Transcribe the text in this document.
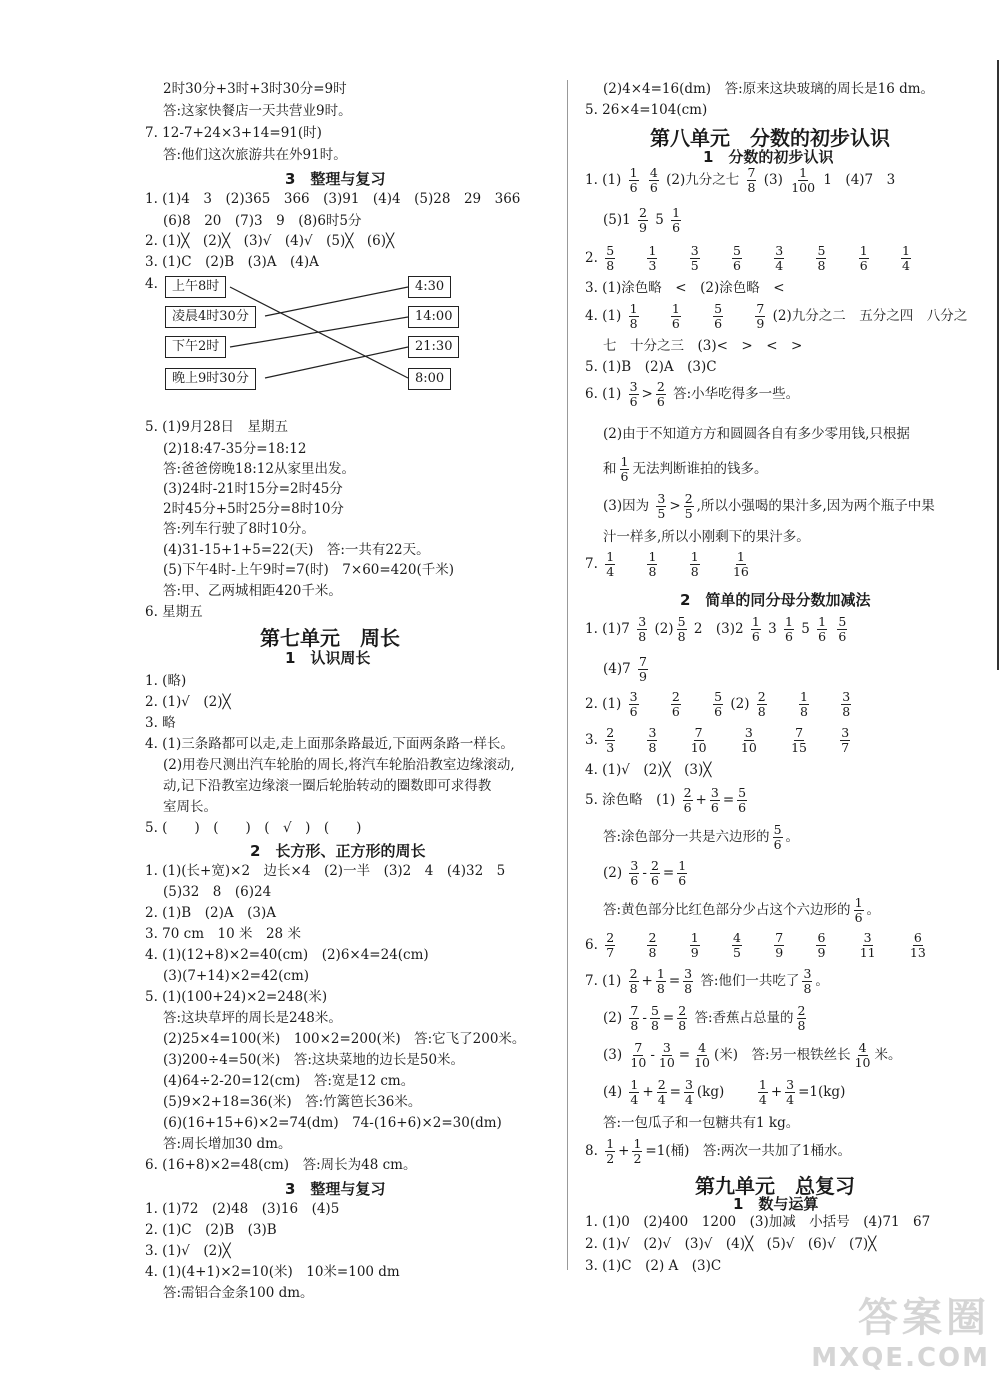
2时30分+3时+3时30分=9时
答:这家快餐店一天共营业9时。
7. 12-7+24×3+14=91(时)
答:他们这次旅游共在外91时。
3　整理与复习
1. (1)4　3　(2)365　366　(3)91　(4)4　(5)28　29　366
(6)8　20　(7)3　9　(8)6时5分
2. (1)╳　(2)╳　(3)√　(4)√　(5)╳　(6)╳
3. (1)C　(2)B　(3)A　(4)A
4.	上午8时
凌晨4时30分
下午2时
晚上9时30分
4:30
14:00
21:30
8:00
5. (1)9月28日　星期五
(2)18:47-35分=18:12
答:爸爸傍晚18:12从家里出发。
(3)24时-21时15分=2时45分
2时45分+5时25分=8时10分
答:列车行驶了8时10分。
(4)31-15+1+5=22(天)　答:一共有22天。
(5)下午4时-上午9时=7(时)　7×60=420(千米)
答:甲、乙两城相距420千米。
6. 星期五
第七单元　周长
1　认识周长
1. (略)
2. (1)√　(2)╳
3. 略
4. (1)三条路都可以走,走上面那条路最近,下面两条路一样长。
(2)用卷尺测出汽车轮胎的周长,将汽车轮胎沿教室边缘滚动,
动,记下沿教室边缘滚一圈后轮胎转动的圈数即可求得教
室周长。
5. (　　)　(　　)　(　√　)　(　　)
2　长方形、正方形的周长
1. (1)(长+宽)×2　边长×4　(2)一半　(3)2　4　(4)32　5
(5)32　8　(6)24
2. (1)B　(2)A　(3)A
3. 70 cm　10 米　28 米
4. (1)(12+8)×2=40(cm)　(2)6×4=24(cm)
(3)(7+14)×2=42(cm)
5. (1)(100+24)×2=248(米)
答:这块草坪的周长是248米。
(2)25×4=100(米)　100×2=200(米)　答:它飞了200米。
(3)200÷4=50(米)　答:这块菜地的边长是50米。
(4)64÷2-20=12(cm)　答:宽是12 cm。
(5)9×2+18=36(米)　答:竹篱笆长36米。
(6)(16+15+6)×2=74(dm)　74-(16+6)×2=30(dm)
答:周长增加30 dm。
6. (16+8)×2=48(cm)　答:周长为48 cm。
3　整理与复习
1. (1)72　(2)48　(3)16　(4)5
2. (1)C　(2)B　(3)B
3. (1)√　(2)╳
4. (1)(4+1)×2=10(米)　10米=100 dm
答:需铝合金条100 dm。
(2)4×4=16(dm)　答:原来这块玻璃的周长是16 dm。
5. 26×4=104(cm)
第八单元　分数的初步认识
1　分数的初步认识
1. $(1) \frac{1}{6}$
$\frac{4}{6} (2)$九分之七 $\frac{7}{8} (3) \frac{1}{100} 1$　(4)7　3
$(5)1 \frac{2}{9} 5 \frac{1}{6}$
2. $\frac{5}{8}$
	$\frac{1}{3}$
	$\frac{3}{5}$
	$\frac{5}{6}$
	$\frac{3}{4}$
	$\frac{5}{8}$
	$\frac{1}{6}$
	$\frac{1}{4}$
3. (1)涂色略　<　(2)涂色略　<
4. $(1) \frac{1}{8}$
	$\frac{1}{6}$
	$\frac{5}{6}$
	$\frac{7}{9} (2)$九分之二　五分之四　八分之
七　十分之三　(3)<　>　<　>
5. (1)B　(2)A　(3)C
6. $(1) \frac{3}{6} > \frac{2}{6}$ 答:小华吃得多一些。
(2)由于不知道方方和圆圆各自有多少零用钱,只根据
和 $\frac{1}{6}$ 无法判断谁拍的钱多。
(3)因为 $\frac{3}{5} > \frac{2}{5}$ ,所以小强喝的果汁多,因为两个瓶子中果
汁一样多,所以小刚剩下的果汁多。
7. $\frac{1}{4}$
	$\frac{1}{8}$
	$\frac{1}{8}$
	$\frac{1}{16}$
2　简单的同分母分数加减法
1. $(1)7 \frac{3}{8} (2) \frac{5}{8} 2$　$(3)2 \frac{1}{6} 3 \frac{1}{6} 5 \frac{1}{6}$
$\frac{5}{6}$
$(4)7 \frac{7}{9}$
2. $(1) \frac{3}{6}$
	$\frac{2}{6}$
	$\frac{5}{6} (2) \frac{2}{8}$
	$\frac{1}{8}$
	$\frac{3}{8}$
3. $\frac{2}{3}$
	$\frac{3}{8}$
	$\frac{7}{10}$
	$\frac{3}{10}$
	$\frac{7}{15}$
	$\frac{3}{7}$
4. (1)√　(2)╳　(3)╳
5. 涂色略　$(1) \frac{2}{6} + \frac{3}{6} = \frac{5}{6}$
答:涂色部分一共是六边形的 $\frac{5}{6}$ 。
$(2) \frac{3}{6} - \frac{2}{6} = \frac{1}{6}$
答:黄色部分比红色部分少占这个六边形的 $\frac{1}{6}$ 。
6. $\frac{2}{7}$
	$\frac{2}{8}$
	$\frac{1}{9}$
	$\frac{4}{5}$
	$\frac{7}{9}$
	$\frac{6}{9}$
	$\frac{3}{11}$
	$\frac{6}{13}$
7. $(1) \frac{2}{8} + \frac{1}{8} = \frac{3}{8}$ 答:他们一共吃了 $\frac{3}{8}$ 。
$(2) \frac{7}{8} - \frac{5}{8} = \frac{2}{8}$ 答:香蕉占总量的 $\frac{2}{8}$
$(3) \frac{7}{10} - \frac{3}{10} = \frac{4}{10}$ (米)　答:另一根铁丝长 $\frac{4}{10}$ 米。
$(4) \frac{1}{4} + \frac{2}{4} = \frac{3}{4} (kg)$	$\frac{1}{4} + \frac{3}{4} =1(kg)$
答:一包瓜子和一包糖共有1 kg。
8. $\frac{1}{2} + \frac{1}{2} =1$(桶)　答:两次一共加了1桶水。
第九单元　总复习
1　数与运算
1. (1)0　(2)400　1200　(3)加减　小括号　(4)71　67
2. (1)√　(2)√　(3)√　(4)╳　(5)√　(6)√　(7)╳
3. (1)C　(2) A　(3)C
答案圈
MXQE.COM
